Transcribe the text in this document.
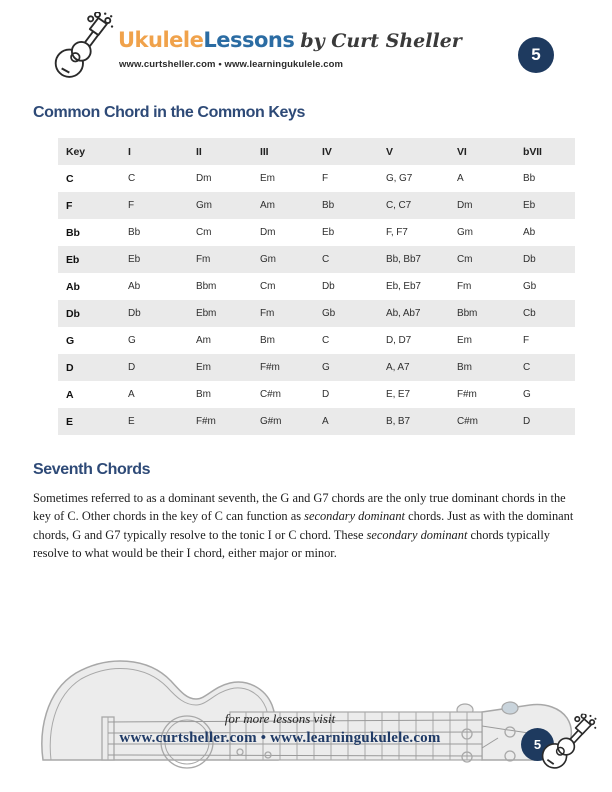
UkuleleLessons by Curt Sheller
www.curtsheller.com • www.learningukulele.com
5
Common Chord in the Common Keys
Key	I	II	III	IV	V	VI	bVII
C	C	Dm	Em	F	G, G7	A	Bb
F	F	Gm	Am	Bb	C, C7	Dm	Eb
Bb	Bb	Cm	Dm	Eb	F, F7	Gm	Ab
Eb	Eb	Fm	Gm	C	Bb, Bb7	Cm	Db
Ab	Ab	Bbm	Cm	Db	Eb, Eb7	Fm	Gb
Db	Db	Ebm	Fm	Gb	Ab, Ab7	Bbm	Cb
G	G	Am	Bm	C	D, D7	Em	F
D	D	Em	F#m	G	A, A7	Bm	C
A	A	Bm	C#m	D	E, E7	F#m	G
E	E	F#m	G#m	A	B, B7	C#m	D
Seventh Chords

Sometimes referred to as a dominant seventh, the G and G7 chords are the only true dominant chords in the key of C. Other chords in the key of C can function as secondary dominant chords. Just as with the dominant chords, G and G7 typically resolve to the tonic I or C chord. These secondary dominant chords typically resolve to what would be their I chord, either major or minor.

for more lessons visit
www.curtsheller.com • www.learningukulele.com	5
